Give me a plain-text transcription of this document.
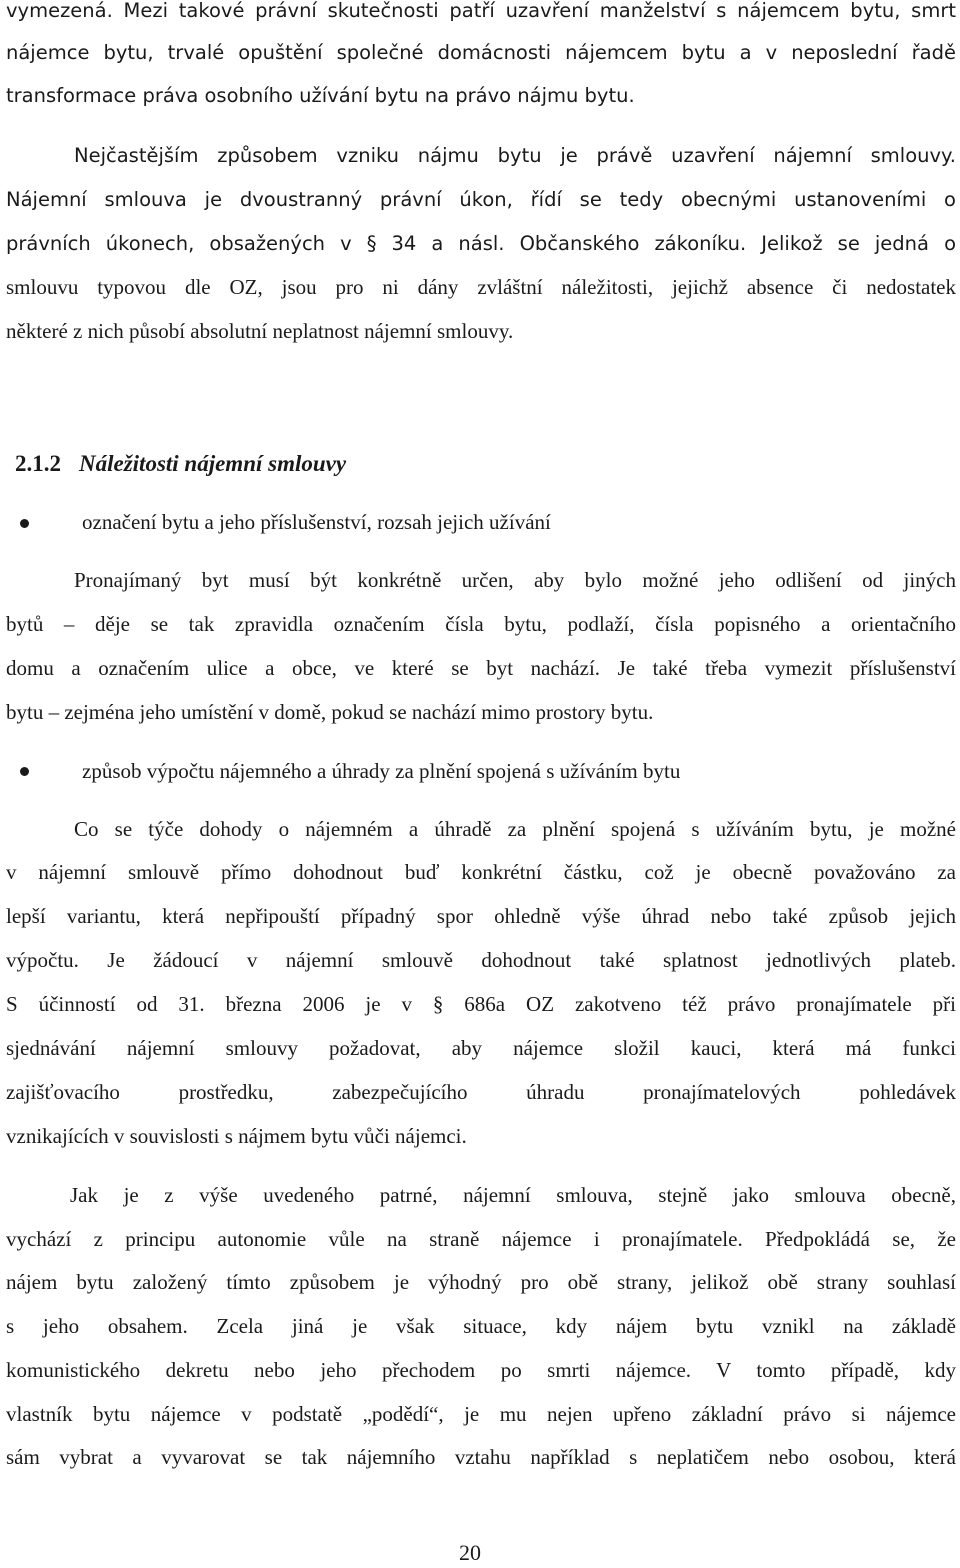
vymezená. Mezi takové právní skutečnosti patří uzavření manželství s nájemcem bytu, smrt
nájemce bytu, trvalé opuštění společné domácnosti nájemcem bytu a v neposlední řadě
transformace práva osobního užívání bytu na právo nájmu bytu.
Nejčastějším způsobem vzniku nájmu bytu je právě uzavření nájemní smlouvy.
Nájemní smlouva je dvoustranný právní úkon, řídí se tedy obecnými ustanoveními o
právních úkonech, obsažených v § 34 a násl. Občanského zákoníku. Jelikož se jedná o
smlouvu typovou dle OZ, jsou pro ni dány zvláštní náležitosti, jejichž absence či nedostatek
některé z nich působí absolutní neplatnost nájemní smlouvy.
2.1.2 Náležitosti nájemní smlouvy
označení bytu a jeho příslušenství, rozsah jejich užívání
Pronajímaný byt musí být konkrétně určen, aby bylo možné jeho odlišení od jiných
bytů – děje se tak zpravidla označením čísla bytu, podlaží, čísla popisného a orientačního
domu a označením ulice a obce, ve které se byt nachází. Je také třeba vymezit příslušenství
bytu – zejména jeho umístění v domě, pokud se nachází mimo prostory bytu.
způsob výpočtu nájemného a úhrady za plnění spojená s užíváním bytu
Co se týče dohody o nájemném a úhradě za plnění spojená s užíváním bytu, je možné
v nájemní smlouvě přímo dohodnout buď konkrétní částku, což je obecně považováno za
lepší variantu, která nepřipouští případný spor ohledně výše úhrad nebo také způsob jejich
výpočtu. Je žádoucí v nájemní smlouvě dohodnout také splatnost jednotlivých plateb.
S účinností od 31. března 2006 je v § 686a OZ zakotveno též právo pronajímatele při
sjednávání nájemní smlouvy požadovat, aby nájemce složil kauci, která má funkci
zajišťovacího prostředku, zabezpečujícího úhradu pronajímatelových pohledávek
vznikajících v souvislosti s nájmem bytu vůči nájemci.
Jak je z výše uvedeného patrné, nájemní smlouva, stejně jako smlouva obecně,
vychází z principu autonomie vůle na straně nájemce i pronajímatele. Předpokládá se, že
nájem bytu založený tímto způsobem je výhodný pro obě strany, jelikož obě strany souhlasí
s jeho obsahem. Zcela jiná je však situace, kdy nájem bytu vznikl na základě
komunistického dekretu nebo jeho přechodem po smrti nájemce. V tomto případě, kdy
vlastník bytu nájemce v podstatě „podědí“, je mu nejen upřeno základní právo si nájemce
sám vybrat a vyvarovat se tak nájemního vztahu například s neplatičem nebo osobou, která
20
